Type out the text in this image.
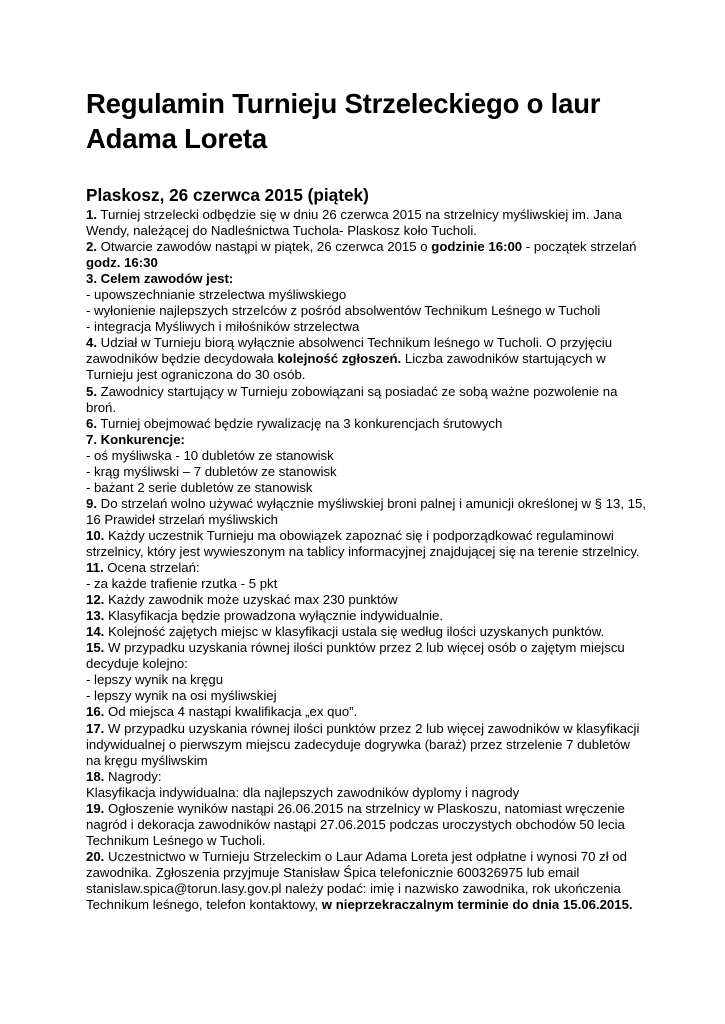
Regulamin Turnieju Strzeleckiego o laur Adama Loreta
Plaskosz, 26 czerwca 2015 (piątek)

1. Turniej strzelecki odbędzie się w dniu 26 czerwca 2015 na strzelnicy myśliwskiej im. Jana Wendy, należącej do Nadleśnictwa Tuchola- Plaskosz koło Tucholi.

2. Otwarcie zawodów nastąpi w piątek, 26 czerwca 2015 o godzinie 16:00 - początek strzelań godz. 16:30

3. Celem zawodów jest:

- upowszechnianie strzelectwa myśliwskiego

- wyłonienie najlepszych strzelców z pośród absolwentów Technikum Leśnego w Tucholi

- integracja Myśliwych i miłośników strzelectwa

4. Udział w Turnieju biorą wyłącznie absolwenci Technikum leśnego w Tucholi. O przyjęciu zawodników będzie decydowała kolejność zgłoszeń. Liczba zawodników startujących w Turnieju jest ograniczona do 30 osób.

5. Zawodnicy startujący w Turnieju zobowiązani są posiadać ze sobą ważne pozwolenie na broń.

6. Turniej obejmować będzie rywalizację na 3 konkurencjach śrutowych

7. Konkurencje:

- oś myśliwska - 10 dubletów ze stanowisk

- krąg myśliwski – 7 dubletów ze stanowisk

- bażant 2 serie dubletów ze stanowisk

9. Do strzelań wolno używać wyłącznie myśliwskiej broni palnej i amunicji określonej w § 13, 15, 16 Prawideł strzelań myśliwskich

10. Każdy uczestnik Turnieju ma obowiązek zapoznać się i podporządkować regulaminowi strzelnicy, który jest wywieszonym na tablicy informacyjnej znajdującej się na terenie strzelnicy.

11. Ocena strzelań:

- za każde trafienie rzutka - 5 pkt

12. Każdy zawodnik może uzyskać max 230 punktów

13. Klasyfikacja będzie prowadzona wyłącznie indywidualnie.

14. Kolejność zajętych miejsc w klasyfikacji ustala się według ilości uzyskanych punktów.

15. W przypadku uzyskania równej ilości punktów przez 2 lub więcej osób o zajętym miejscu decyduje kolejno:

- lepszy wynik na kręgu

- lepszy wynik na osi myśliwskiej

16. Od miejsca 4 nastąpi kwalifikacja „ex quo”.

17. W przypadku uzyskania równej ilości punktów przez 2 lub więcej zawodników w klasyfikacji indywidualnej o pierwszym miejscu zadecyduje dogrywka (baraż) przez strzelenie 7 dubletów na kręgu myśliwskim

18. Nagrody:

Klasyfikacja indywidualna: dla najlepszych zawodników dyplomy i nagrody

19. Ogłoszenie wyników nastąpi 26.06.2015 na strzelnicy w Plaskoszu, natomiast wręczenie nagród i dekoracja zawodników nastąpi 27.06.2015 podczas uroczystych obchodów 50 lecia Technikum Leśnego w Tucholi.

20. Uczestnictwo w Turnieju Strzeleckim o Laur Adama Loreta jest odpłatne i wynosi 70 zł od zawodnika. Zgłoszenia przyjmuje Stanisław Śpica telefonicznie 600326975 lub email stanislaw.spica@torun.lasy.gov.pl należy podać: imię i nazwisko zawodnika, rok ukończenia Technikum leśnego, telefon kontaktowy, w nieprzekraczalnym terminie do dnia 15.06.2015.
